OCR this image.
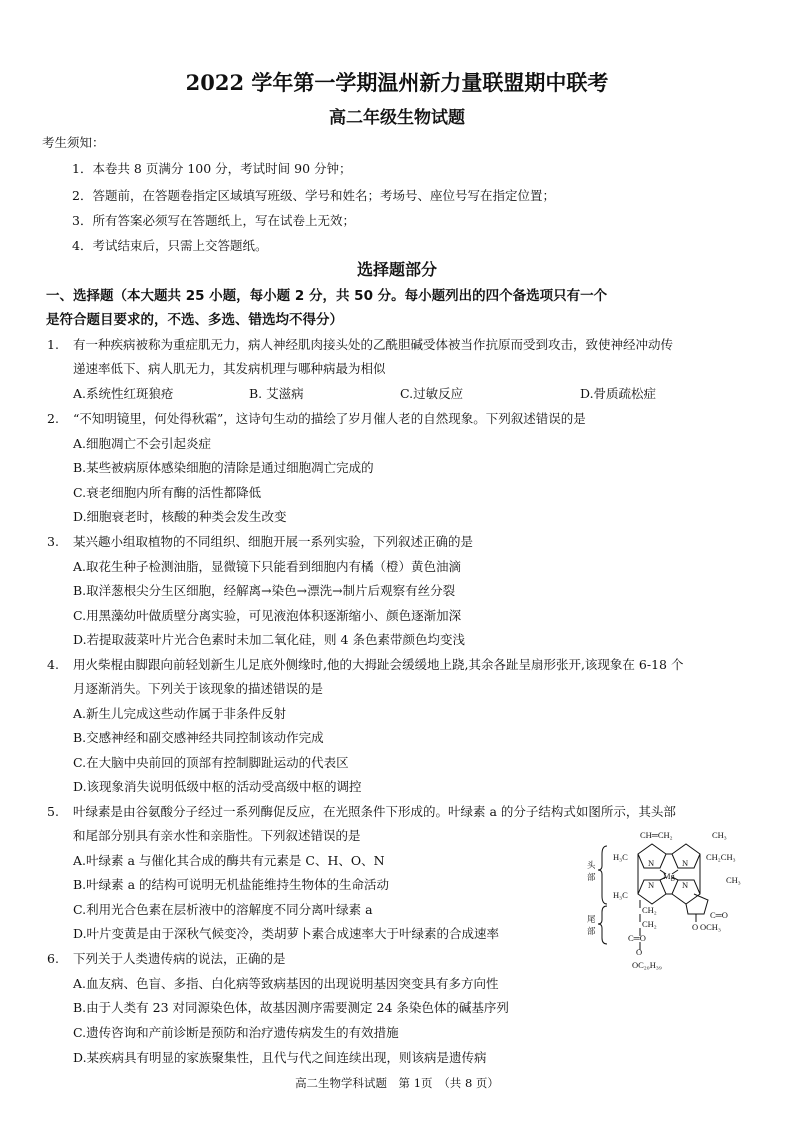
2022 学年第一学期温州新力量联盟期中联考
高二年级生物试题
考生须知：
1．本卷共 8 页满分 100 分，考试时间 90 分钟；
2．答题前，在答题卷指定区域填写班级、学号和姓名；考场号、座位号写在指定位置；
3．所有答案必须写在答题纸上，写在试卷上无效；
4．考试结束后，只需上交答题纸。
选择题部分
一、选择题（本大题共 25 小题，每小题 2 分，共 50 分。每小题列出的四个备选项只有一个
是符合题目要求的，不选、多选、错选均不得分）
1. 有一种疾病被称为重症肌无力，病人神经肌肉接头处的乙酰胆碱受体被当作抗原而受到攻击，致使神经冲动传
递速率低下、病人肌无力，其发病机理与哪种病最为相似
A.系统性红斑狼疮	B. 艾滋病	C.过敏反应	D.骨质疏松症
2. “不知明镜里，何处得秋霜”，这诗句生动的描绘了岁月催人老的自然现象。下列叙述错误的是
A.细胞凋亡不会引起炎症
B.某些被病原体感染细胞的清除是通过细胞凋亡完成的
C.衰老细胞内所有酶的活性都降低
D.细胞衰老时，核酸的种类会发生改变
3. 某兴趣小组取植物的不同组织、细胞开展一系列实验，下列叙述正确的是
A.取花生种子检测油脂，显微镜下只能看到细胞内有橘（橙）黄色油滴
B.取洋葱根尖分生区细胞，经解离→染色→漂洗→制片后观察有丝分裂
C.用黑藻幼叶做质壁分离实验，可见液泡体积逐渐缩小、颜色逐渐加深
D.若提取菠菜叶片光合色素时未加二氧化硅，则 4 条色素带颜色均变浅
4. 用火柴棍由脚跟向前轻划新生儿足底外侧缘时,他的大拇趾会缓缓地上跷,其余各趾呈扇形张开,该现象在 6-18 个
月逐渐消失。下列关于该现象的描述错误的是
A.新生儿完成这些动作属于非条件反射
B.交感神经和副交感神经共同控制该动作完成
C.在大脑中央前回的顶部有控制脚趾运动的代表区
D.该现象消失说明低级中枢的活动受高级中枢的调控
5. 叶绿素是由谷氨酸分子经过一系列酶促反应，在光照条件下形成的。叶绿素 a 的分子结构式如图所示，其头部
和尾部分别具有亲水性和亲脂性。下列叙述错误的是
A.叶绿素 a 与催化其合成的酶共有元素是 C、H、O、N
B.叶绿素 a 的结构可说明无机盐能维持生物体的生命活动
C.利用光合色素在层析液中的溶解度不同分离叶绿素 a
D.叶片变黄是由于深秋气候变冷，类胡萝卜素合成速率大于叶绿素的合成速率
头
部
尾
部
CH═CH₂	CH₃
H₃C
H₃C
CH₃
CH₂CH₃
N	N
N	N
Mg
CH₂
CH₂
C═O
C═O
O OCH₃
O
OC₂₀H₃₉
6. 下列关于人类遗传病的说法，正确的是
A.血友病、色盲、多指、白化病等致病基因的出现说明基因突变具有多方向性
B.由于人类有 23 对同源染色体，故基因测序需要测定 24 条染色体的碱基序列
C.遗传咨询和产前诊断是预防和治疗遗传病发生的有效措施
D.某疾病具有明显的家族聚集性，且代与代之间连续出现，则该病是遗传病
高二生物学科试题　第 1页　（共 8 页）
